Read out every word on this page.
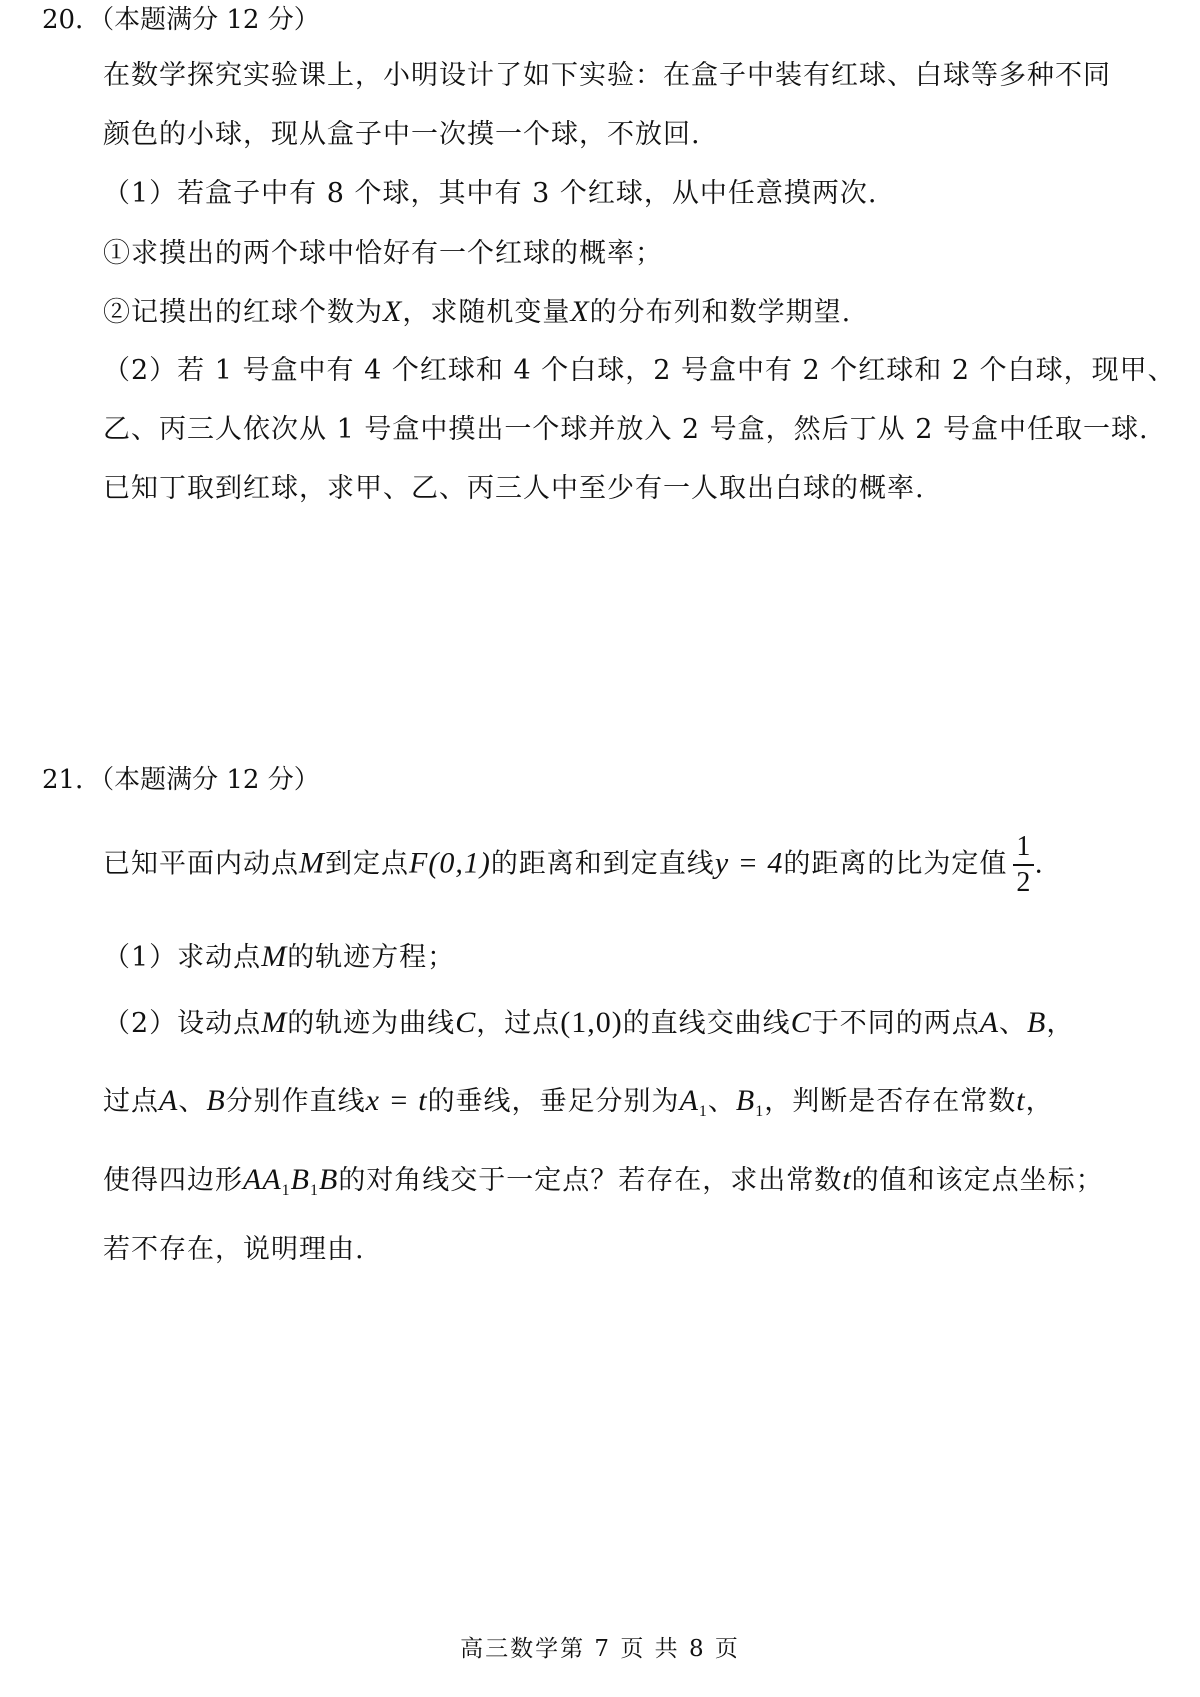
20．（本题满分 12 分）
在数学探究实验课上，小明设计了如下实验：在盒子中装有红球、白球等多种不同
颜色的小球，现从盒子中一次摸一个球，不放回.
（1）若盒子中有 8 个球，其中有 3 个红球，从中任意摸两次.
①求摸出的两个球中恰好有一个红球的概率；
②记摸出的红球个数为X，求随机变量X的分布列和数学期望.
（2）若 1 号盒中有 4 个红球和 4 个白球，2 号盒中有 2 个红球和 2 个白球，现甲、
乙、丙三人依次从 1 号盒中摸出一个球并放入 2 号盒，然后丁从 2 号盒中任取一球.
已知丁取到红球，求甲、乙、丙三人中至少有一人取出白球的概率.
21．（本题满分 12 分）
已知平面内动点M到定点F(0,1)的距离和到定直线y = 4的距离的比为定值 $\frac{1}{2}$ .
（1）求动点M的轨迹方程；
（2）设动点M的轨迹为曲线C，过点(1,0)的直线交曲线C于不同的两点A、B，
过点A、B分别作直线x = t的垂线，垂足分别为$A_1$、$B_1$，判断是否存在常数t，
使得四边形$AA_1B_1B$的对角线交于一定点？若存在，求出常数t的值和该定点坐标；
若不存在，说明理由.
高三数学第 7 页 共 8 页
